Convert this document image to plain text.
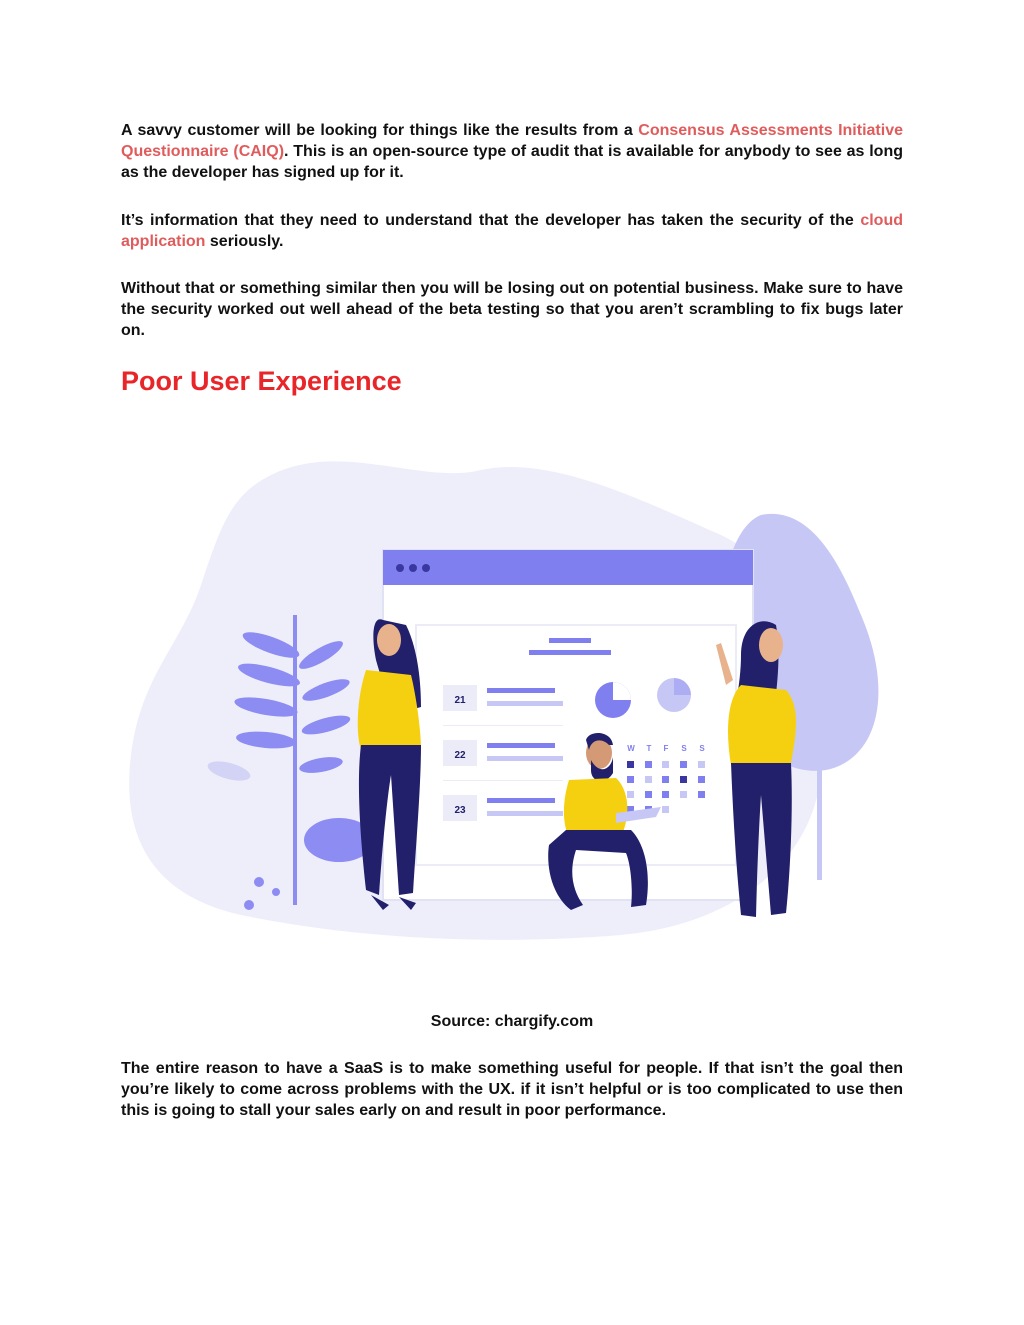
A savvy customer will be looking for things like the results from a Consensus Assessments Initiative Questionnaire (CAIQ). This is an open-source type of audit that is available for anybody to see as long as the developer has signed up for it.

It’s information that they need to understand that the developer has taken the security of the cloud application seriously.

Without that or something similar then you will be losing out on potential business. Make sure to have the security worked out well ahead of the beta testing so that you aren’t scrambling to fix bugs later on.

Poor User Experience
21
22
23
W T F S S
Source: chargify.com

The entire reason to have a SaaS is to make something useful for people. If that isn’t the goal then you’re likely to come across problems with the UX. if it isn’t helpful or is too complicated to use then this is going to stall your sales early on and result in poor performance.
